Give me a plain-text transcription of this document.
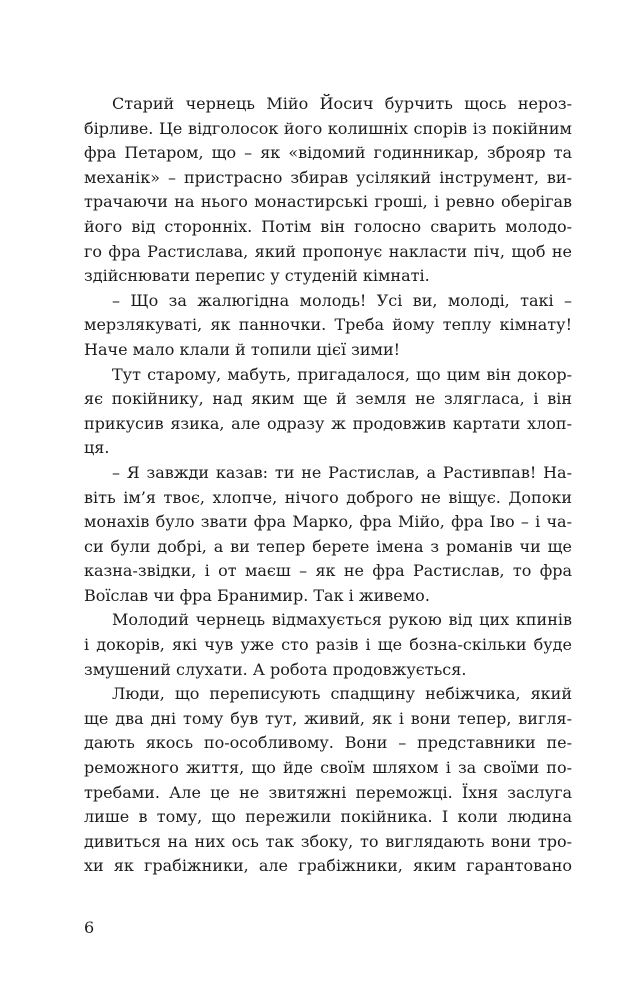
Старий чернець Мійо Йосич бурчить щось нероз-
бірливе. Це відголосок його колишніх спорів із покійним
фра Петаром, що – як «відомий годинникар, зброяр та
механік» – пристрасно збирав усілякий інструмент, ви-
трачаючи на нього монастирські гроші, і ревно оберігав
його від сторонніх. Потім він голосно сварить молодо-
го фра Растислава, який пропонує накласти піч, щоб не
здійснювати перепис у студеній кімнаті.
– Що за жалюгідна молодь! Усі ви, молоді, такі –
мерзлякуваті, як панночки. Треба йому теплу кімнату!
Наче мало клали й топили цієї зими!
Тут старому, мабуть, пригадалося, що цим він докор-
яє покійнику, над яким ще й земля не злягласа, і він
прикусив язика, але одразу ж продовжив картати хлоп-
ця.
– Я завжди казав: ти не Растислав, а Растивпав! На-
віть ім’я твоє, хлопче, нічого доброго не віщує. Допоки
монахів було звати фра Марко, фра Мійо, фра Іво – і ча-
си були добрі, а ви тепер берете імена з романів чи ще
казна-звідки, і от маєш – як не фра Растислав, то фра
Воїслав чи фра Бранимир. Так і живемо.
Молодий чернець відмахується рукою від цих кпинів
і докорів, які чув уже сто разів і ще бозна-скільки буде
змушений слухати. А робота продовжується.
Люди, що переписують спадщину небіжчика, який
ще два дні тому був тут, живий, як і вони тепер, вигля-
дають якось по-особливому. Вони – представники пе-
реможного життя, що йде своїм шляхом і за своїми по-
требами. Але це не звитяжні переможці. Їхня заслуга
лише в тому, що пережили покійника. І коли людина
дивиться на них ось так збоку, то виглядають вони тро-
хи як грабіжники, але грабіжники, яким гарантовано
6
